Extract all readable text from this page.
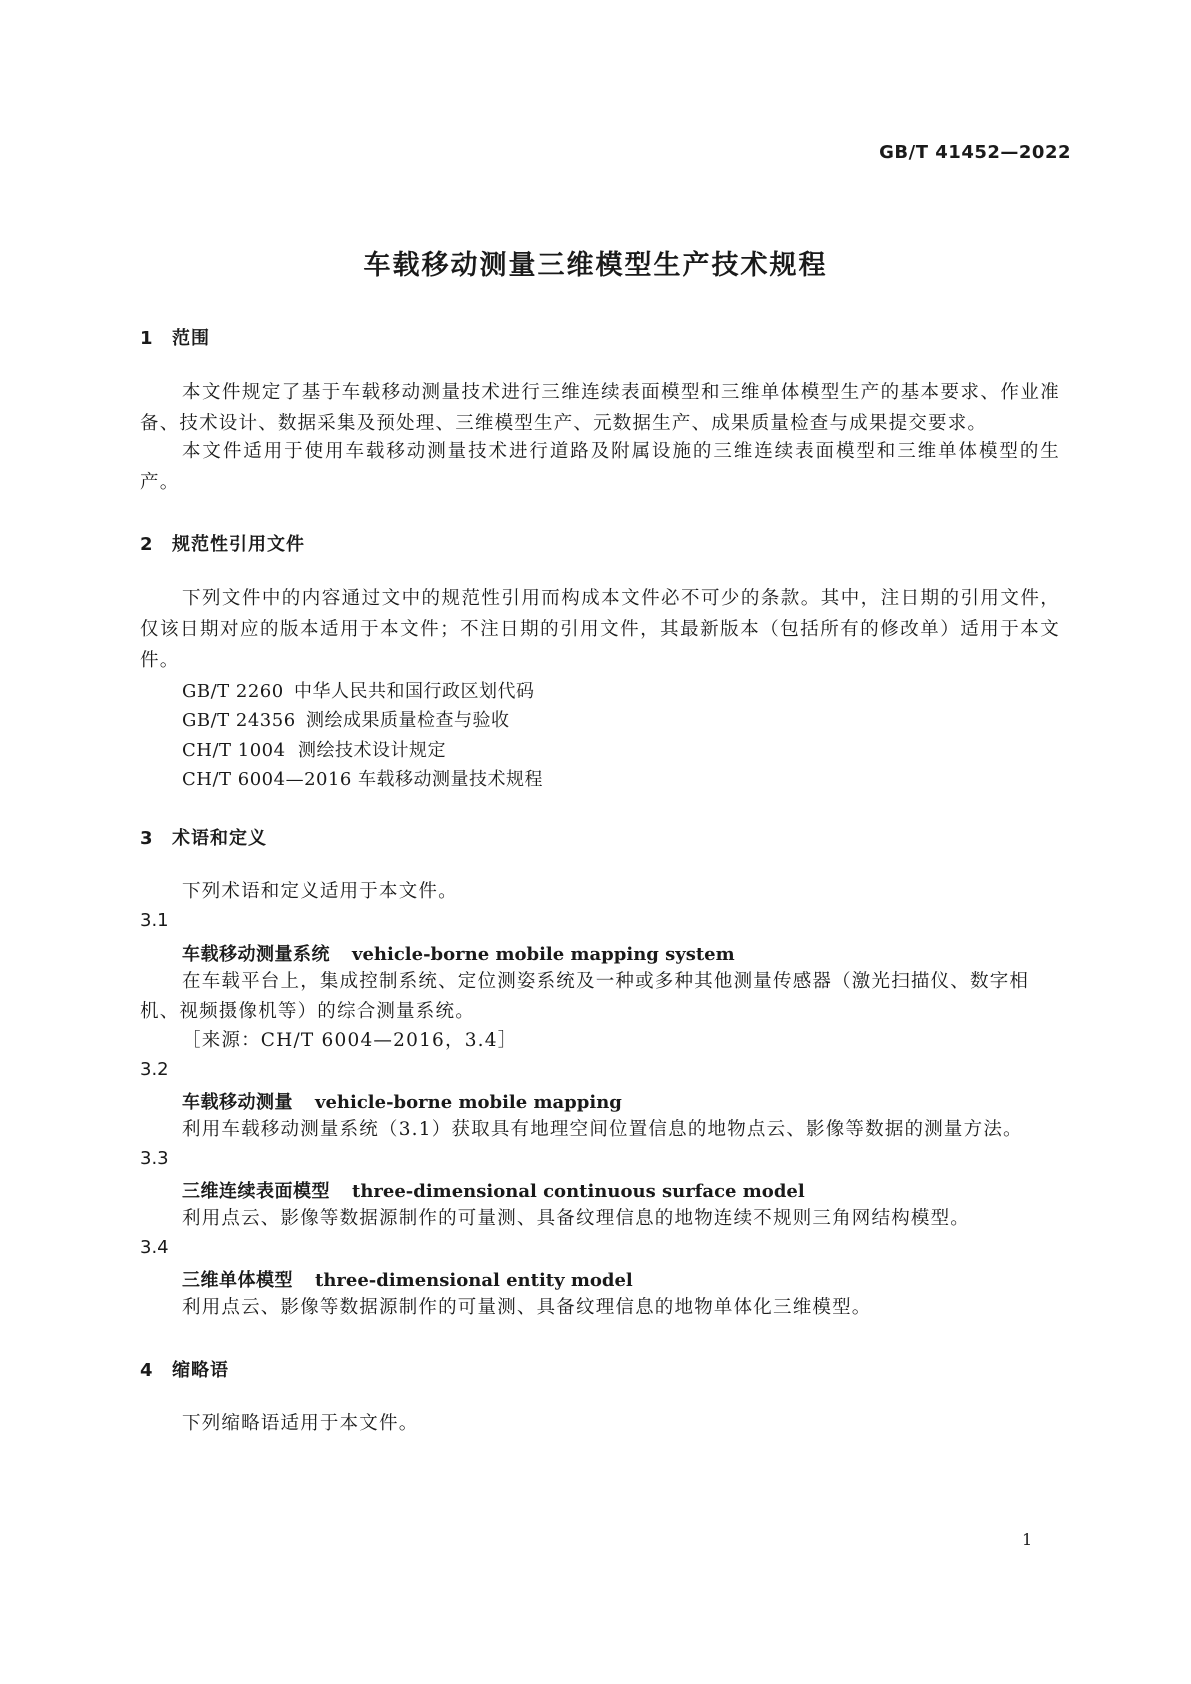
GB/T 41452—2022
车载移动测量三维模型生产技术规程
1 范围
本文件规定了基于车载移动测量技术进行三维连续表面模型和三维单体模型生产的基本要求、作业准备、技术设计、数据采集及预处理、三维模型生产、元数据生产、成果质量检查与成果提交要求。
本文件适用于使用车载移动测量技术进行道路及附属设施的三维连续表面模型和三维单体模型的生产。
2 规范性引用文件
下列文件中的内容通过文中的规范性引用而构成本文件必不可少的条款。其中，注日期的引用文件，仅该日期对应的版本适用于本文件；不注日期的引用文件，其最新版本（包括所有的修改单）适用于本文件。
GB/T 2260 中华人民共和国行政区划代码
GB/T 24356 测绘成果质量检查与验收
CH/T 1004 测绘技术设计规定
CH/T 6004—2016 车载移动测量技术规程
3 术语和定义
下列术语和定义适用于本文件。
3.1
车载移动测量系统 vehicle-borne mobile mapping system
在车载平台上，集成控制系统、定位测姿系统及一种或多种其他测量传感器（激光扫描仪、数字相
机、视频摄像机等）的综合测量系统。
［来源：CH/T 6004—2016，3.4］
3.2
车载移动测量 vehicle-borne mobile mapping
利用车载移动测量系统（3.1）获取具有地理空间位置信息的地物点云、影像等数据的测量方法。
3.3
三维连续表面模型 three-dimensional continuous surface model
利用点云、影像等数据源制作的可量测、具备纹理信息的地物连续不规则三角网结构模型。
3.4
三维单体模型 three-dimensional entity model
利用点云、影像等数据源制作的可量测、具备纹理信息的地物单体化三维模型。
4 缩略语
下列缩略语适用于本文件。
1
